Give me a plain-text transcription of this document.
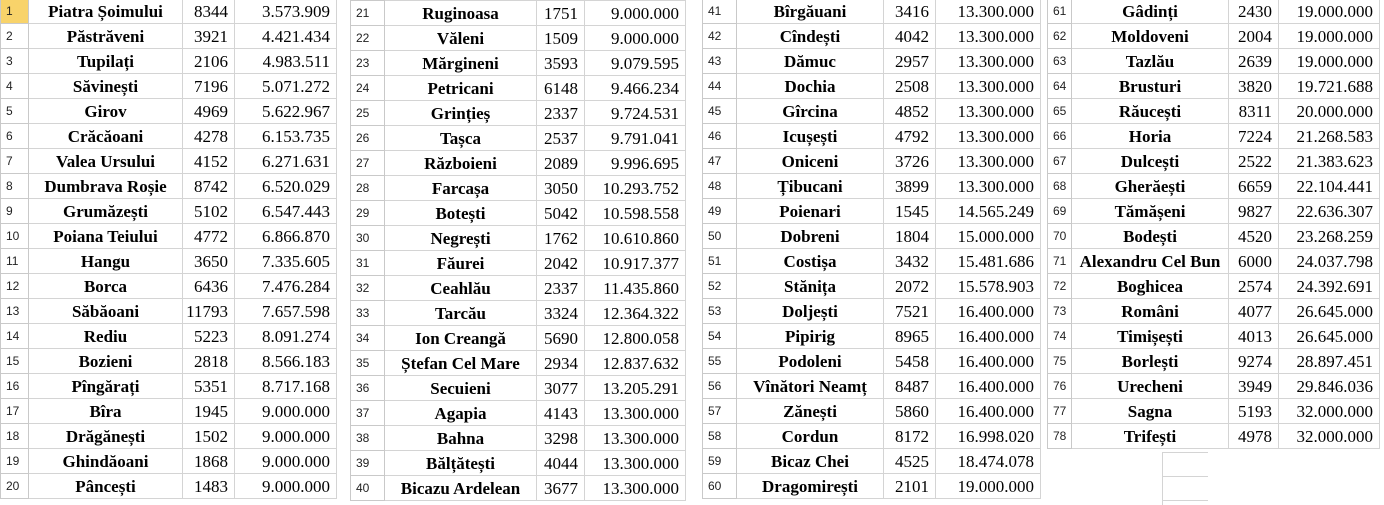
1	Piatra Șoimului	8344	3.573.909
2	Păstrăveni	3921	4.421.434
3	Tupilați	2106	4.983.511
4	Săvinești	7196	5.071.272
5	Girov	4969	5.622.967
6	Crăcăoani	4278	6.153.735
7	Valea Ursului	4152	6.271.631
8	Dumbrava Roșie	8742	6.520.029
9	Grumăzești	5102	6.547.443
10	Poiana Teiului	4772	6.866.870
11	Hangu	3650	7.335.605
12	Borca	6436	7.476.284
13	Săbăoani	11793	7.657.598
14	Rediu	5223	8.091.274
15	Bozieni	2818	8.566.183
16	Pîngărați	5351	8.717.168
17	Bîra	1945	9.000.000
18	Drăgănești	1502	9.000.000
19	Ghindăoani	1868	9.000.000
20	Pâncești	1483	9.000.000
21	Ruginoasa	1751	9.000.000
22	Văleni	1509	9.000.000
23	Mărgineni	3593	9.079.595
24	Petricani	6148	9.466.234
25	Grințieș	2337	9.724.531
26	Tașca	2537	9.791.041
27	Războieni	2089	9.996.695
28	Farcașa	3050	10.293.752
29	Botești	5042	10.598.558
30	Negrești	1762	10.610.860
31	Făurei	2042	10.917.377
32	Ceahlău	2337	11.435.860
33	Tarcău	3324	12.364.322
34	Ion Creangă	5690	12.800.058
35	Ștefan Cel Mare	2934	12.837.632
36	Secuieni	3077	13.205.291
37	Agapia	4143	13.300.000
38	Bahna	3298	13.300.000
39	Bălțătești	4044	13.300.000
40	Bicazu Ardelean	3677	13.300.000
41	Bîrgăuani	3416	13.300.000
42	Cîndești	4042	13.300.000
43	Dămuc	2957	13.300.000
44	Dochia	2508	13.300.000
45	Gîrcina	4852	13.300.000
46	Icușești	4792	13.300.000
47	Oniceni	3726	13.300.000
48	Țibucani	3899	13.300.000
49	Poienari	1545	14.565.249
50	Dobreni	1804	15.000.000
51	Costișa	3432	15.481.686
52	Stănița	2072	15.578.903
53	Doljești	7521	16.400.000
54	Pipirig	8965	16.400.000
55	Podoleni	5458	16.400.000
56	Vînători Neamț	8487	16.400.000
57	Zănești	5860	16.400.000
58	Cordun	8172	16.998.020
59	Bicaz Chei	4525	18.474.078
60	Dragomirești	2101	19.000.000
61	Gâdinți	2430	19.000.000
62	Moldoveni	2004	19.000.000
63	Tazlău	2639	19.000.000
64	Brusturi	3820	19.721.688
65	Răucești	8311	20.000.000
66	Horia	7224	21.268.583
67	Dulcești	2522	21.383.623
68	Gherăești	6659	22.104.441
69	Tămășeni	9827	22.636.307
70	Bodești	4520	23.268.259
71	Alexandru Cel Bun	6000	24.037.798
72	Boghicea	2574	24.392.691
73	Români	4077	26.645.000
74	Timișești	4013	26.645.000
75	Borlești	9274	28.897.451
76	Urecheni	3949	29.846.036
77	Sagna	5193	32.000.000
78	Trifești	4978	32.000.000
